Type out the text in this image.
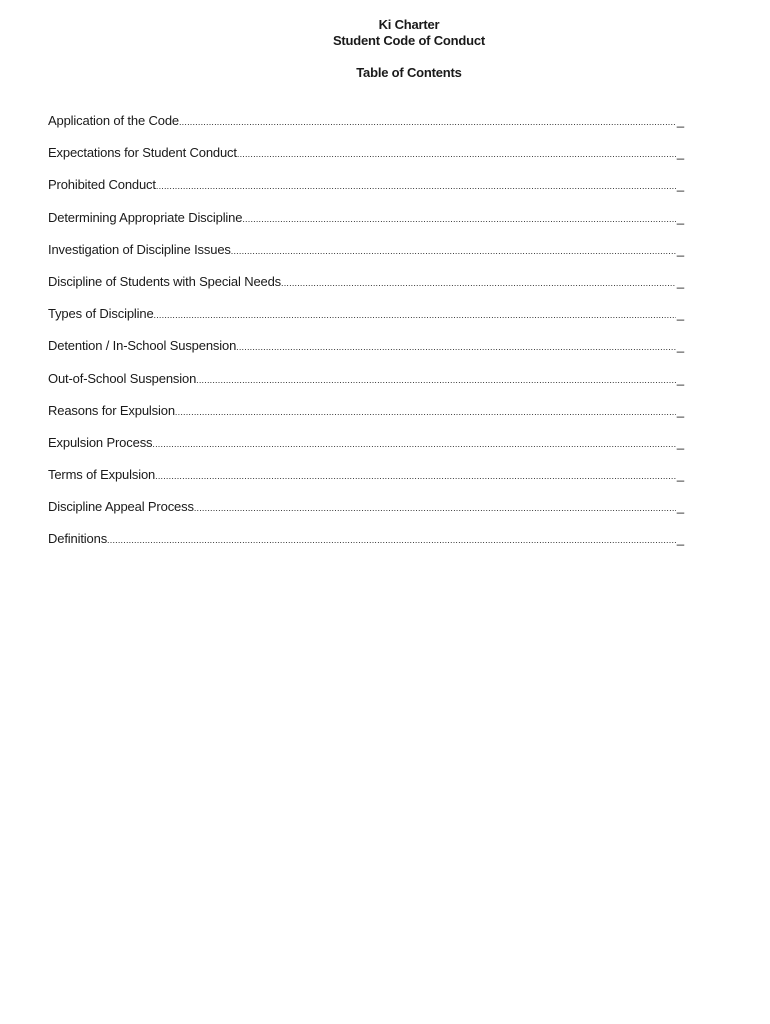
Ki Charter
Student Code of Conduct
Table of Contents
Application of the Code .....	_
Expectations for Student Conduct .....	_
Prohibited Conduct .....	_
Determining Appropriate Discipline .....	_
Investigation of Discipline Issues .....	_
Discipline of Students with Special Needs .....	_
Types of Discipline .....	_
Detention / In-School Suspension .....	_
Out-of-School Suspension .....	_
Reasons for Expulsion .....	_
Expulsion Process .....	_
Terms of Expulsion .....	_
Discipline Appeal Process .....	_
Definitions .....	_
